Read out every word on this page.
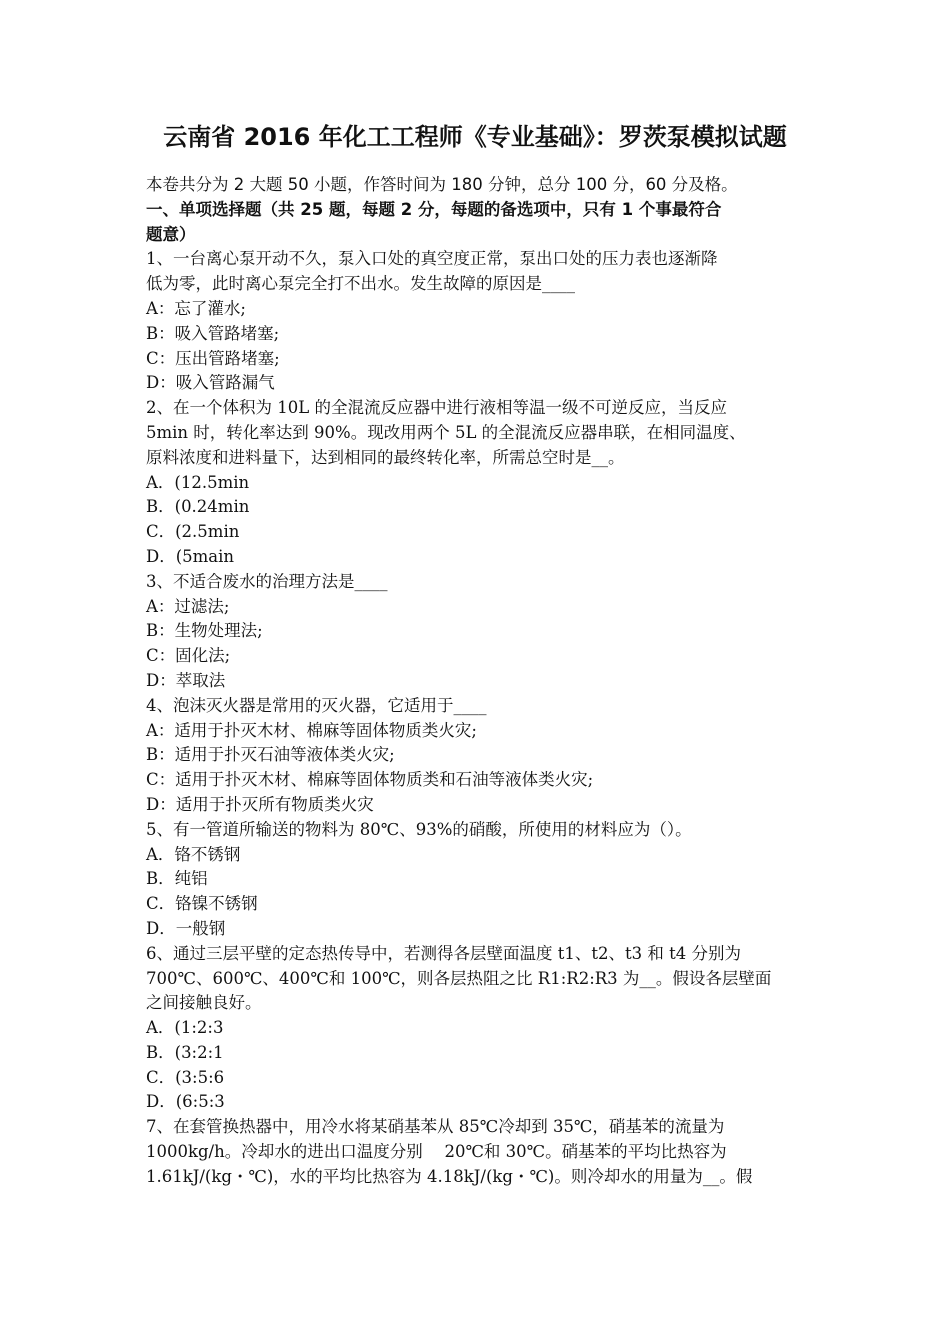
云南省 2016 年化工工程师《专业基础》：罗茨泵模拟试题
本卷共分为 2 大题 50 小题，作答时间为 180 分钟，总分 100 分，60 分及格。
一、单项选择题（共 25 题，每题 2 分，每题的备选项中，只有 1 个事最符合
题意）
1、一台离心泵开动不久，泵入口处的真空度正常，泵出口处的压力表也逐渐降
低为零，此时离心泵完全打不出水。发生故障的原因是____
A：忘了灌水;
B：吸入管路堵塞;
C：压出管路堵塞;
D：吸入管路漏气
2、在一个体积为 10L 的全混流反应器中进行液相等温一级不可逆反应，当反应
5min 时，转化率达到 90%。现改用两个 5L 的全混流反应器串联，在相同温度、
原料浓度和进料量下，达到相同的最终转化率，所需总空时是__。
A．(12.5min
B．(0.24min
C．(2.5min
D．(5main
3、不适合废水的治理方法是____
A：过滤法;
B：生物处理法;
C：固化法;
D：萃取法
4、泡沫灭火器是常用的灭火器，它适用于____
A：适用于扑灭木材、棉麻等固体物质类火灾;
B：适用于扑灭石油等液体类火灾;
C：适用于扑灭木材、棉麻等固体物质类和石油等液体类火灾;
D：适用于扑灭所有物质类火灾
5、有一管道所输送的物料为 80℃、93%的硝酸，所使用的材料应为（）。
A．铬不锈钢
B．纯铝
C．铬镍不锈钢
D．一般钢
6、通过三层平壁的定态热传导中，若测得各层壁面温度 t1、t2、t3 和 t4 分别为
700℃、600℃、400℃和 100℃，则各层热阻之比 R1:R2:R3 为__。假设各层壁面
之间接触良好。
A．(1:2:3
B．(3:2:1
C．(3:5:6
D．(6:5:3
7、在套管换热器中，用冷水将某硝基苯从 85℃冷却到 35℃，硝基苯的流量为
1000kg/h。冷却水的进出口温度分别　 20℃和 30℃。硝基苯的平均比热容为
1.61kJ/(kg・℃)，水的平均比热容为 4.18kJ/(kg・℃)。则冷却水的用量为__。假
